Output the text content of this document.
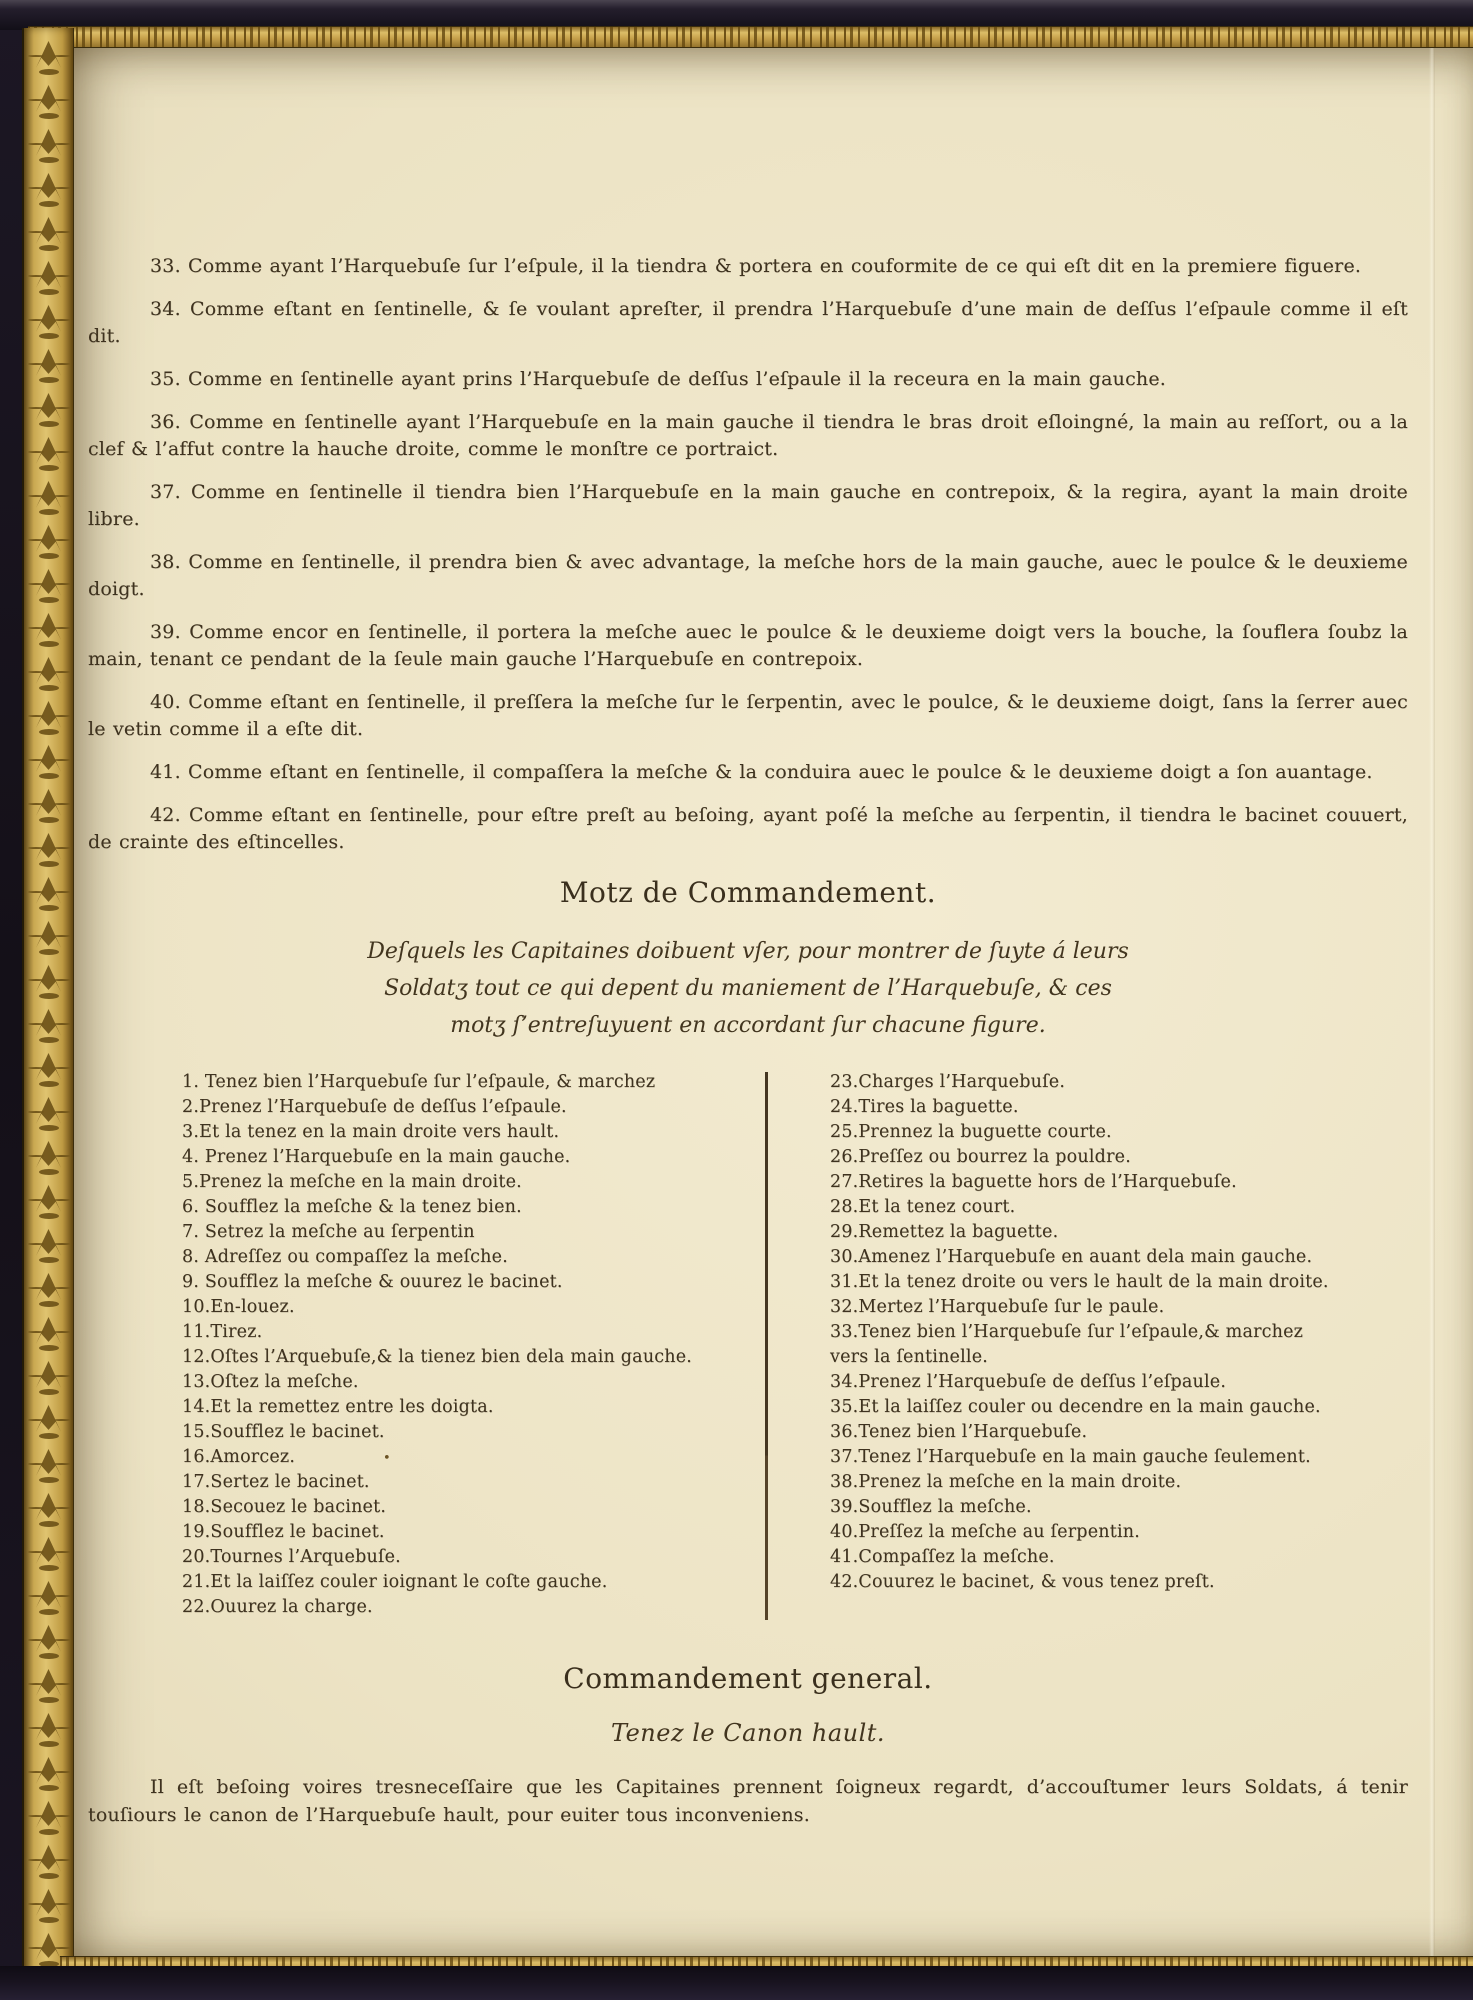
33. Comme ayant l’Harquebuſe ſur l’eſpule, il la tiendra & portera en couformite de ce qui eſt dit en la premiere figuere.

34. Comme eſtant en ſentinelle, & ſe voulant apreſter, il prendra l’Harquebuſe d’une main de deſſus l’eſpaule comme il eſt dit.

35. Comme en ſentinelle ayant prins l’Harquebuſe de deſſus l’eſpaule il la receura en la main gauche.

36. Comme en ſentinelle ayant l’Harquebuſe en la main gauche il tiendra le bras droit eſloingné, la main au reſſort, ou a la clef & l’affut contre la hauche droite, comme le monſtre ce portraict.

37. Comme en ſentinelle il tiendra bien l’Harquebuſe en la main gauche en contrepoix, & la regira, ayant la main droite libre.

38. Comme en ſentinelle, il prendra bien & avec advantage, la meſche hors de la main gauche, auec le poulce & le deuxieme doigt.

39. Comme encor en ſentinelle, il portera la meſche auec le poulce & le deuxieme doigt vers la bouche, la ſouflera ſoubz la main, tenant ce pendant de la ſeule main gauche l’Harquebuſe en contrepoix.

40. Comme eſtant en ſentinelle, il preſſera la meſche ſur le ſerpentin, avec le poulce, & le deuxieme doigt, ſans la ſerrer auec le vetin comme il a eſte dit.

41. Comme eſtant en ſentinelle, il compaſſera la meſche & la conduira auec le poulce & le deuxieme doigt a ſon auantage.

42. Comme eſtant en ſentinelle, pour eſtre preſt au beſoing, ayant poſé la meſche au ſerpentin, il tiendra le bacinet couuert, de crainte des eſtincelles.

Motz de Commandement.
Deſquels les Capitaines doibuent vſer, pour montrer de ſuyte á leurs
Soldatʒ tout ce qui depent du maniement de l’Harquebuſe, & ces
motʒ ſ’entreſuyuent en accordant ſur chacune figure.
1. Tenez bien l’Harquebuſe ſur l’eſpaule, & marchez
2.Prenez l’Harquebuſe de deſſus l’eſpaule.
3.Et la tenez en la main droite vers hault.
4. Prenez l’Harquebuſe en la main gauche.
5.Prenez la meſche en la main droite.
6. Soufflez la meſche & la tenez bien.
7. Setrez la meſche au ſerpentin
8. Adreſſez ou compaſſez la meſche.
9. Soufflez la meſche & ouurez le bacinet.
10.En-louez.
11.Tirez.
12.Oſtes l’Arquebuſe,& la tienez bien dela main gauche.
13.Oſtez la meſche.
14.Et la remettez entre les doigta.
15.Soufflez le bacinet.
16.Amorcez.
17.Sertez le bacinet.
18.Secouez le bacinet.
19.Soufflez le bacinet.
20.Tournes l’Arquebuſe.
21.Et la laiſſez couler ioignant le coſte gauche.
22.Ouurez la charge.
23.Charges l’Harquebuſe.
24.Tires la baguette.
25.Prennez la buguette courte.
26.Preſſez ou bourrez la pouldre.
27.Retires la baguette hors de l’Harquebuſe.
28.Et la tenez court.
29.Remettez la baguette.
30.Amenez l’Harquebuſe en auant dela main gauche.
31.Et la tenez droite ou vers le hault de la main droite.
32.Mertez l’Harquebuſe ſur le paule.
33.Tenez bien l’Harquebuſe ſur l’eſpaule,& marchez vers la ſentinelle.
34.Prenez l’Harquebuſe de deſſus l’eſpaule.
35.Et la laiſſez couler ou decendre en la main gauche.
36.Tenez bien l’Harquebuſe.
37.Tenez l’Harquebuſe en la main gauche ſeulement.
38.Prenez la meſche en la main droite.
39.Soufflez la meſche.
40.Preſſez la meſche au ſerpentin.
41.Compaſſez la meſche.
42.Couurez le bacinet, & vous tenez preſt.
•
Commandement general.
Tenez le Canon hault.

Il eſt beſoing voires tresneceſſaire que les Capitaines prennent ſoigneux regardt, d’accouſtumer leurs Soldats, á tenir touſiours le canon de l’Harquebuſe hault, pour euiter tous inconveniens.
